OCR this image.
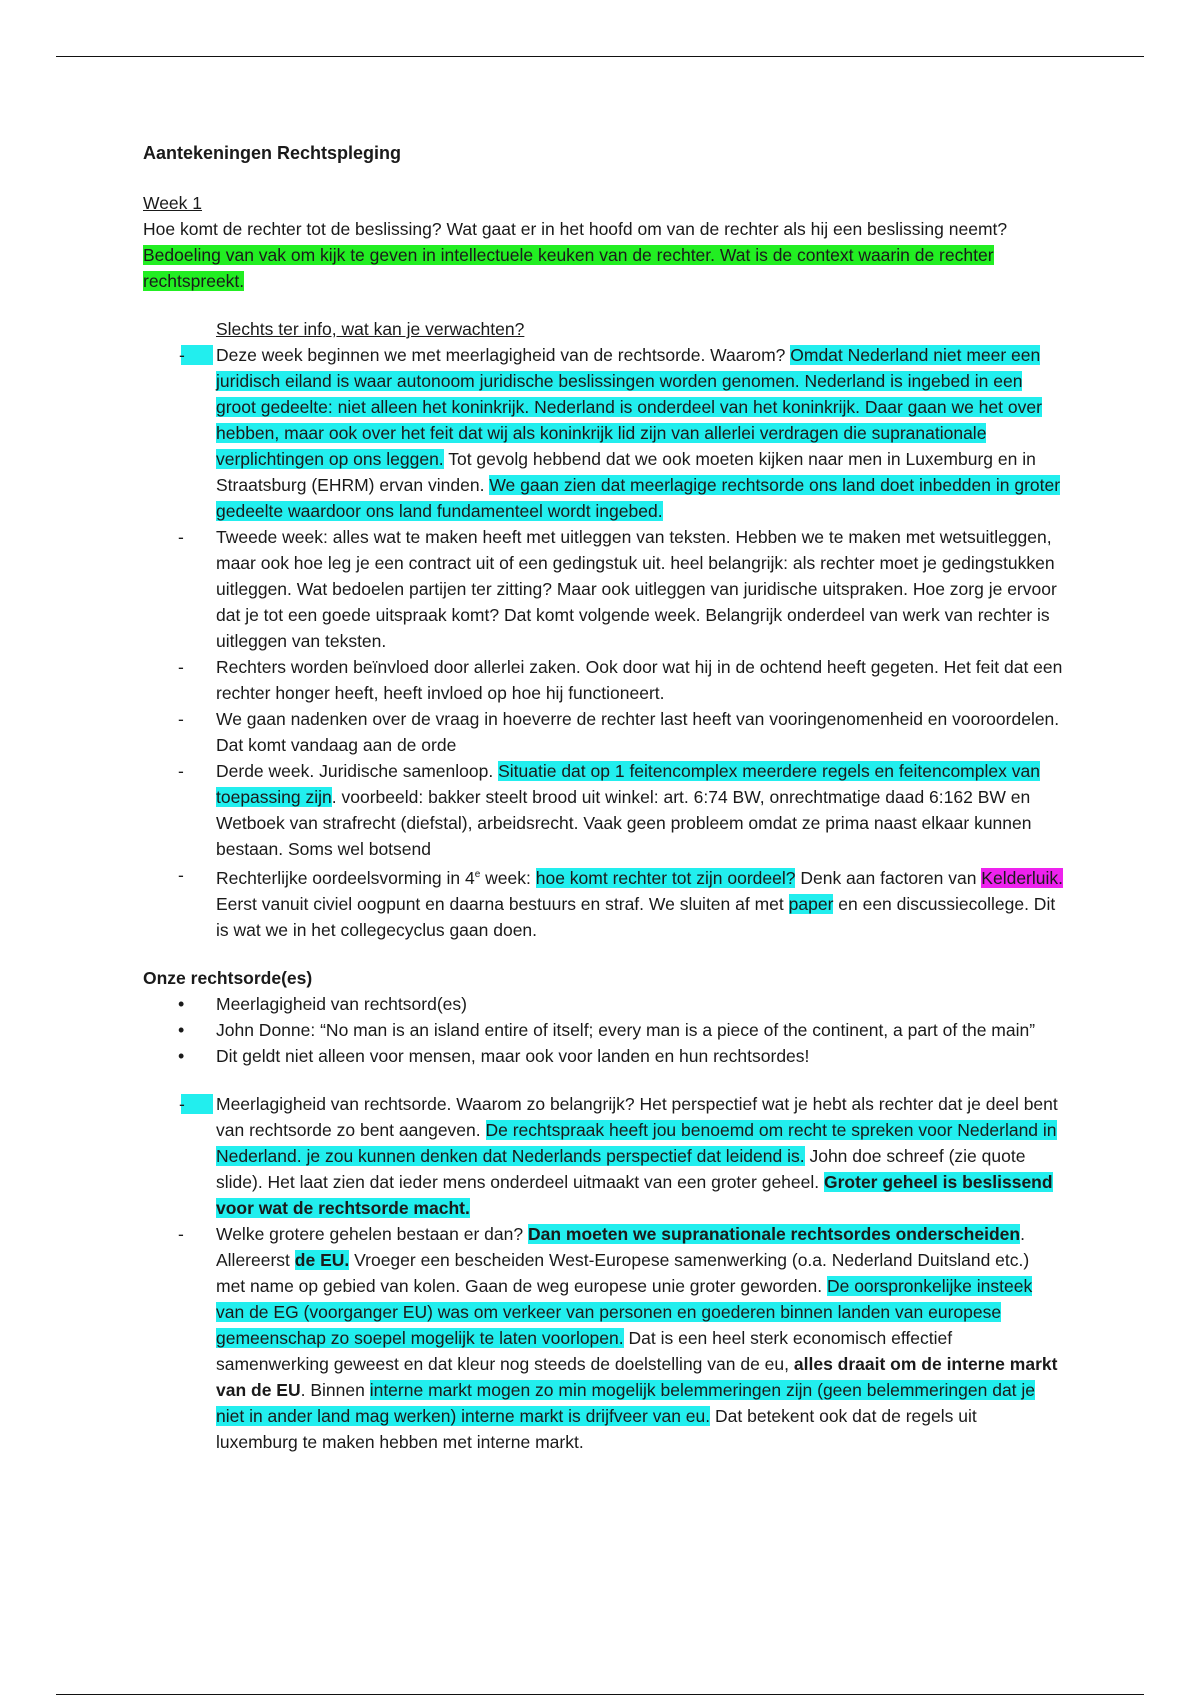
Aantekeningen Rechtspleging

Week 1

Hoe komt de rechter tot de beslissing? Wat gaat er in het hoofd om van de rechter als hij een beslissing neemt? Bedoeling van vak om kijk te geven in intellectuele keuken van de rechter. Wat is de context waarin de rechter rechtspreekt.

Slechts ter info, wat kan je verwachten?

-
Deze week beginnen we met meerlagigheid van de rechtsorde. Waarom? Omdat Nederland niet meer een juridisch eiland is waar autonoom juridische beslissingen worden genomen. Nederland is ingebed in een groot gedeelte: niet alleen het koninkrijk. Nederland is onderdeel van het koninkrijk. Daar gaan we het over hebben, maar ook over het feit dat wij als koninkrijk lid zijn van allerlei verdragen die supranationale verplichtingen op ons leggen. Tot gevolg hebbend dat we ook moeten kijken naar men in Luxemburg en in Straatsburg (EHRM) ervan vinden. We gaan zien dat meerlagige rechtsorde ons land doet inbedden in groter gedeelte waardoor ons land fundamenteel wordt ingebed.
-
Tweede week: alles wat te maken heeft met uitleggen van teksten. Hebben we te maken met wetsuitleggen, maar ook hoe leg je een contract uit of een gedingstuk uit. heel belangrijk: als rechter moet je gedingstukken uitleggen. Wat bedoelen partijen ter zitting? Maar ook uitleggen van juridische uitspraken. Hoe zorg je ervoor dat je tot een goede uitspraak komt? Dat komt volgende week. Belangrijk onderdeel van werk van rechter is uitleggen van teksten.
-
Rechters worden beïnvloed door allerlei zaken. Ook door wat hij in de ochtend heeft gegeten. Het feit dat een rechter honger heeft, heeft invloed op hoe hij functioneert.
-
We gaan nadenken over de vraag in hoeverre de rechter last heeft van vooringenomenheid en vooroordelen. Dat komt vandaag aan de orde
-
Derde week. Juridische samenloop. Situatie dat op 1 feitencomplex meerdere regels en feitencomplex van toepassing zijn. voorbeeld: bakker steelt brood uit winkel: art. 6:74 BW, onrechtmatige daad 6:162 BW en Wetboek van strafrecht (diefstal), arbeidsrecht. Vaak geen probleem omdat ze prima naast elkaar kunnen bestaan. Soms wel botsend
-
Rechterlijke oordeelsvorming in 4e week: hoe komt rechter tot zijn oordeel? Denk aan factoren van Kelderluik. Eerst vanuit civiel oogpunt en daarna bestuurs en straf. We sluiten af met paper en een discussiecollege. Dit is wat we in het collegecyclus gaan doen.

Onze rechtsorde(es)

•
Meerlagigheid van rechtsord(es)
•
John Donne: “No man is an island entire of itself; every man is a piece of the continent, a part of the main”
•
Dit geldt niet alleen voor mensen, maar ook voor landen en hun rechtsordes!
-
Meerlagigheid van rechtsorde. Waarom zo belangrijk? Het perspectief wat je hebt als rechter dat je deel bent van rechtsorde zo bent aangeven. De rechtspraak heeft jou benoemd om recht te spreken voor Nederland in Nederland. je zou kunnen denken dat Nederlands perspectief dat leidend is. John doe schreef (zie quote slide). Het laat zien dat ieder mens onderdeel uitmaakt van een groter geheel. Groter geheel is beslissend voor wat de rechtsorde macht.
-
Welke grotere gehelen bestaan er dan? Dan moeten we supranationale rechtsordes onderscheiden. Allereerst de EU. Vroeger een bescheiden West-Europese samenwerking (o.a. Nederland Duitsland etc.) met name op gebied van kolen. Gaan de weg europese unie groter geworden. De oorspronkelijke insteek van de EG (voorganger EU) was om verkeer van personen en goederen binnen landen van europese gemeenschap zo soepel mogelijk te laten voorlopen. Dat is een heel sterk economisch effectief samenwerking geweest en dat kleur nog steeds de doelstelling van de eu, alles draait om de interne markt van de EU. Binnen interne markt mogen zo min mogelijk belemmeringen zijn (geen belemmeringen dat je niet in ander land mag werken) interne markt is drijfveer van eu. Dat betekent ook dat de regels uit luxemburg te maken hebben met interne markt.
